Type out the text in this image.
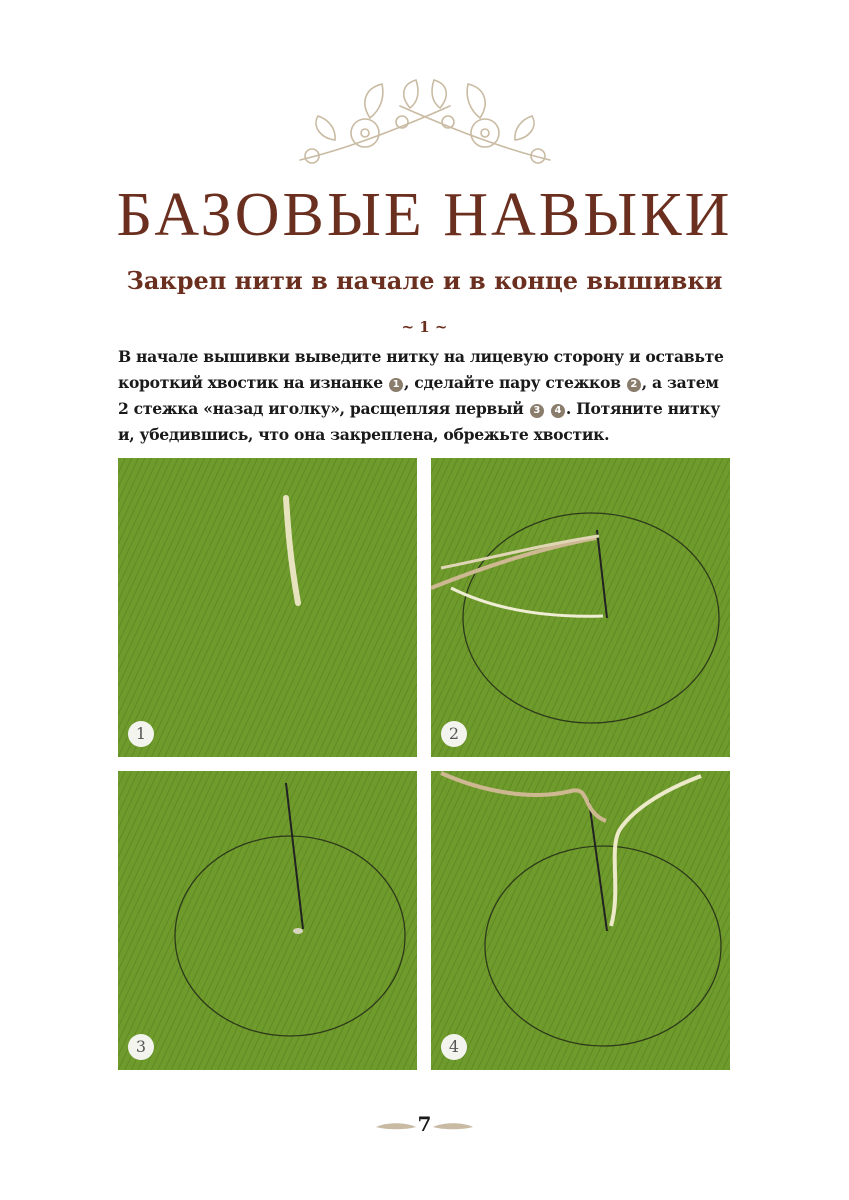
БАЗОВЫЕ НАВЫКИ
Закреп нити в начале и в конце вышивки
~ 1 ~
В начале вышивки выведите нитку на лицевую сторону и оставьте
короткий хвостик на изнанке 1 , сделайте пару стежков 2 , а затем
2 стежка «назад иголку», расщепляя первый 3 4 . Потяните нитку
и, убедившись, что она закреплена, обрежьте хвостик.
1	2
3	4
7
